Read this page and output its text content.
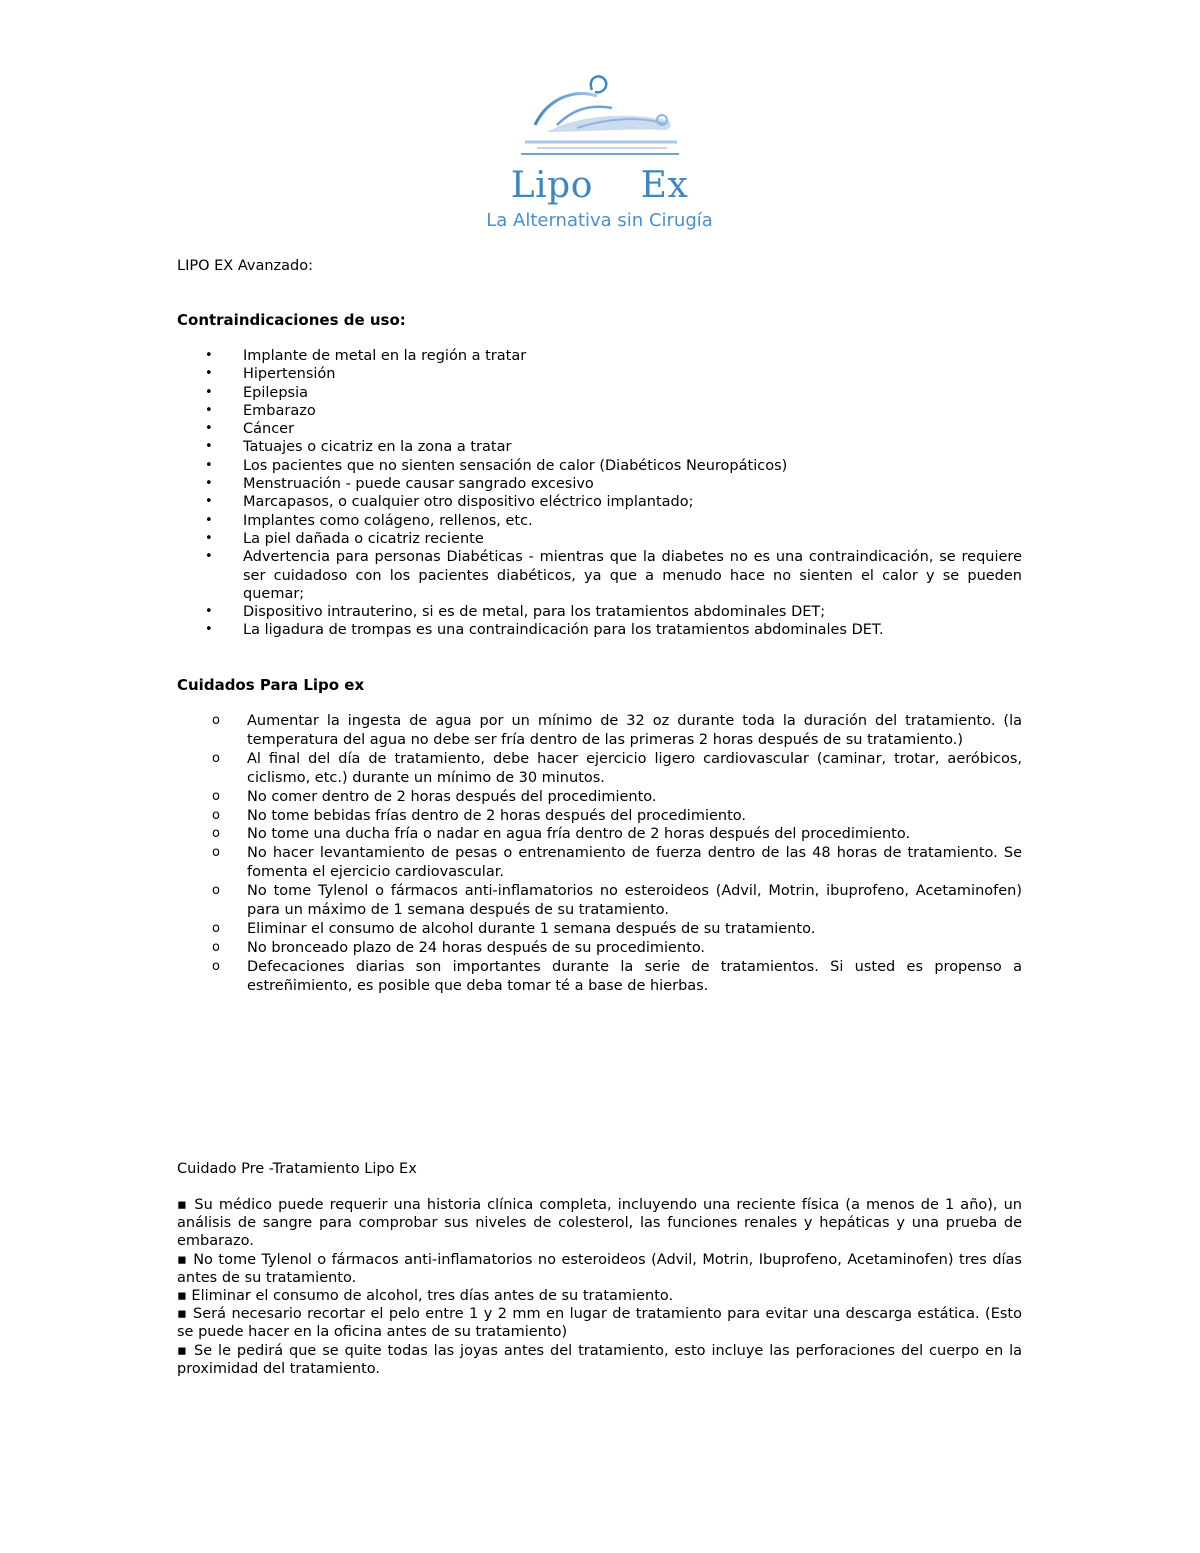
Lipo    Ex
La Alternativa sin Cirugía

LIPO EX Avanzado:

Contraindicaciones de uso:

• Implante de metal en la región a tratar
• Hipertensión
• Epilepsia
• Embarazo
• Cáncer
• Tatuajes o cicatriz en la zona a tratar
• Los pacientes que no sienten sensación de calor (Diabéticos Neuropáticos)
• Menstruación - puede causar sangrado excesivo
• Marcapasos, o cualquier otro dispositivo eléctrico implantado;
• Implantes como colágeno, rellenos, etc.
• La piel dañada o cicatriz reciente
• Advertencia para personas Diabéticas - mientras que la diabetes no es una contraindicación, se requiere ser cuidadoso con los pacientes diabéticos, ya que a menudo hace no sienten el calor y se pueden quemar;
• Dispositivo intrauterino, si es de metal, para los tratamientos abdominales DET;
• La ligadura de trompas es una contraindicación para los tratamientos abdominales DET.

Cuidados Para Lipo ex

o Aumentar la ingesta de agua por un mínimo de 32 oz durante toda la duración del tratamiento. (la temperatura del agua no debe ser fría dentro de las primeras 2 horas después de su tratamiento.)
o Al final del día de tratamiento, debe hacer ejercicio ligero cardiovascular (caminar, trotar, aeróbicos, ciclismo, etc.) durante un mínimo de 30 minutos.
o No comer dentro de 2 horas después del procedimiento.
o No tome bebidas frías dentro de 2 horas después del procedimiento.
o No tome una ducha fría o nadar en agua fría dentro de 2 horas después del procedimiento.
o No hacer levantamiento de pesas o entrenamiento de fuerza dentro de las 48 horas de tratamiento. Se fomenta el ejercicio cardiovascular.
o No tome Tylenol o fármacos anti-inflamatorios no esteroideos (Advil, Motrin, ibuprofeno, Acetaminofen) para un máximo de 1 semana después de su tratamiento.
o Eliminar el consumo de alcohol durante 1 semana después de su tratamiento.
o No bronceado plazo de 24 horas después de su procedimiento.
o Defecaciones diarias son importantes durante la serie de tratamientos. Si usted es propenso a estreñimiento, es posible que deba tomar té a base de hierbas.

Cuidado Pre -Tratamiento Lipo Ex

▪ Su médico puede requerir una historia clínica completa, incluyendo una reciente física (a menos de 1 año), un análisis de sangre para comprobar sus niveles de colesterol, las funciones renales y hepáticas y una prueba de embarazo.

▪ No tome Tylenol o fármacos anti-inflamatorios no esteroideos (Advil, Motrin, Ibuprofeno, Acetaminofen) tres días antes de su tratamiento.

▪ Eliminar el consumo de alcohol, tres días antes de su tratamiento.

▪ Será necesario recortar el pelo entre 1 y 2 mm en lugar de tratamiento para evitar una descarga estática. (Esto se puede hacer en la oficina antes de su tratamiento)

▪ Se le pedirá que se quite todas las joyas antes del tratamiento, esto incluye las perforaciones del cuerpo en la proximidad del tratamiento.
